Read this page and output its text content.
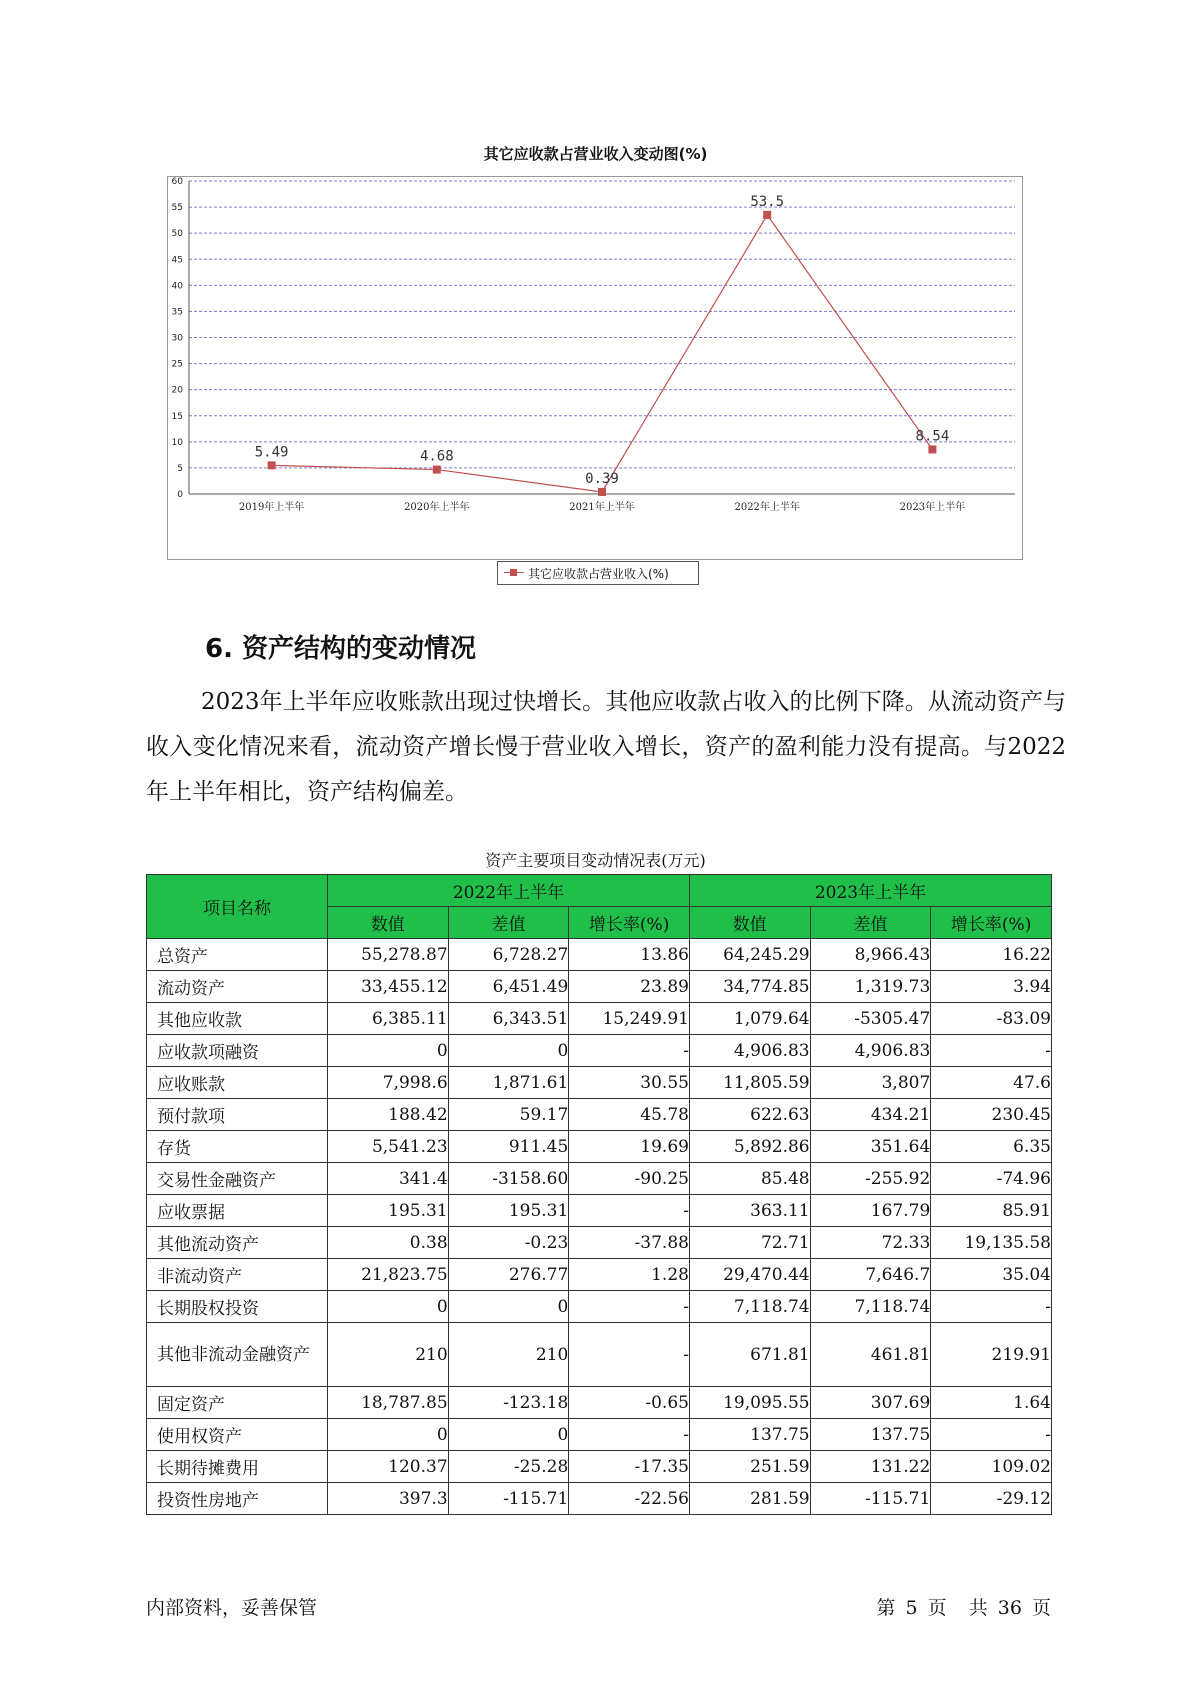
其它应收款占营业收入变动图(%)
0
5
10
15
20
25
30
35
40
45
50
55
60
2019年上半年	2020年上半年	2021年上半年	2022年上半年	2023年上半年
5.49	4.68
0.39
53.5
8.54
其它应收款占营业收入(%)
6. 资产结构的变动情况

2023年上半年应收账款出现过快增长。其他应收款占收入的比例下降。从流动资产与收入变化情况来看，流动资产增长慢于营业收入增长，资产的盈利能力没有提高。与2022年上半年相比，资产结构偏差。

资产主要项目变动情况表(万元)
项目名称	2022年上半年			2023年上半年		
	数值	差值	增长率(%)	数值	差值	增长率(%)
总资产	55,278.87	6,728.27	13.86	64,245.29	8,966.43	16.22
流动资产	33,455.12	6,451.49	23.89	34,774.85	1,319.73	3.94
其他应收款	6,385.11	6,343.51	15,249.91	1,079.64	-5305.47	-83.09
应收款项融资	0	0	-	4,906.83	4,906.83	-
应收账款	7,998.6	1,871.61	30.55	11,805.59	3,807	47.6
预付款项	188.42	59.17	45.78	622.63	434.21	230.45
存货	5,541.23	911.45	19.69	5,892.86	351.64	6.35
交易性金融资产	341.4	-3158.60	-90.25	85.48	-255.92	-74.96
应收票据	195.31	195.31	-	363.11	167.79	85.91
其他流动资产	0.38	-0.23	-37.88	72.71	72.33	19,135.58
非流动资产	21,823.75	276.77	1.28	29,470.44	7,646.7	35.04
长期股权投资	0	0	-	7,118.74	7,118.74	-
其他非流动金融资产	210	210	-	671.81	461.81	219.91
固定资产	18,787.85	-123.18	-0.65	19,095.55	307.69	1.64
使用权资产	0	0	-	137.75	137.75	-
长期待摊费用	120.37	-25.28	-17.35	251.59	131.22	109.02
投资性房地产	397.3	-115.71	-22.56	281.59	-115.71	-29.12
内部资料，妥善保管	第 5 页 共 36 页
